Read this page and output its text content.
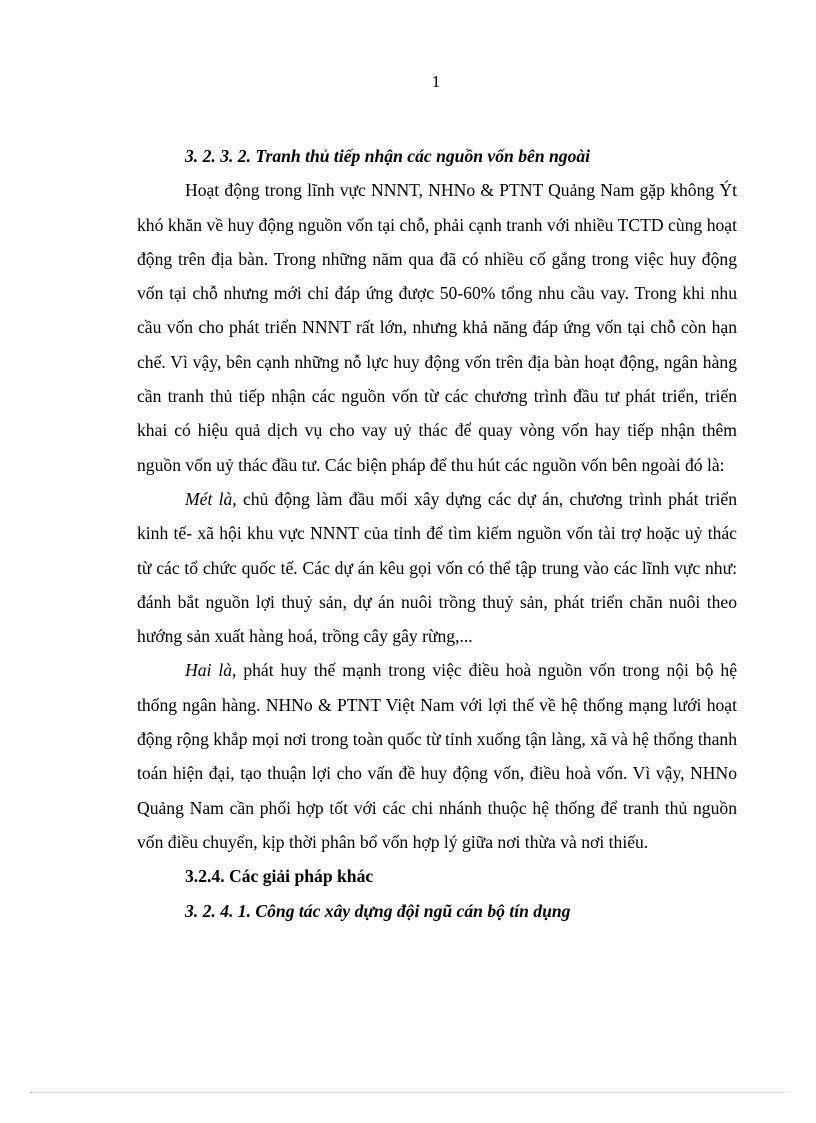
1

3. 2. 3. 2. Tranh thủ tiếp nhận các nguồn vốn bên ngoài

Hoạt động trong lĩnh vực NNNT, NHNo & PTNT Quảng Nam gặp không Ýt khó khăn về huy động nguồn vốn tại chỗ, phải cạnh tranh với nhiều TCTD cùng hoạt động trên địa bàn. Trong những năm qua đã có nhiều cố gắng trong việc huy động vốn tại chỗ nhưng mới chỉ đáp ứng được 50-60% tổng nhu cầu vay. Trong khi nhu cầu vốn cho phát triển NNNT rất lớn, nhưng khả năng đáp ứng vốn tại chỗ còn hạn chế. Vì vậy, bên cạnh những nỗ lực huy động vốn trên địa bàn hoạt động, ngân hàng cần tranh thủ tiếp nhận các nguồn vốn từ các chương trình đầu tư phát triển, triển khai có hiệu quả dịch vụ cho vay uỷ thác để quay vòng vốn hay tiếp nhận thêm nguồn vốn uỷ thác đầu tư. Các biện pháp để thu hút các nguồn vốn bên ngoài đó là:

Mét là, chủ động làm đầu mối xây dựng các dự án, chương trình phát triển kinh tế- xã hội khu vực NNNT của tỉnh để tìm kiếm nguồn vốn tài trợ hoặc uỷ thác từ các tổ chức quốc tế. Các dự án kêu gọi vốn có thể tập trung vào các lĩnh vực như: đánh bắt nguồn lợi thuỷ sản, dự án nuôi trồng thuỷ sản, phát triển chăn nuôi theo hướng sản xuất hàng hoá, trồng cây gây rừng,...

Hai là, phát huy thế mạnh trong việc điều hoà nguồn vốn trong nội bộ hệ thống ngân hàng. NHNo & PTNT Việt Nam với lợi thế về hệ thống mạng lưới hoạt động rộng khắp mọi nơi trong toàn quốc từ tỉnh xuống tận làng, xã và hệ thống thanh toán hiện đại, tạo thuận lợi cho vấn đề huy động vốn, điều hoà vốn. Vì vậy, NHNo Quảng Nam cần phối hợp tốt với các chi nhánh thuộc hệ thống để tranh thủ nguồn vốn điều chuyển, kịp thời phân bổ vốn hợp lý giữa nơi thừa và nơi thiếu.

3.2.4. Các giải pháp khác

3. 2. 4. 1. Công tác xây dựng đội ngũ cán bộ tín dụng
